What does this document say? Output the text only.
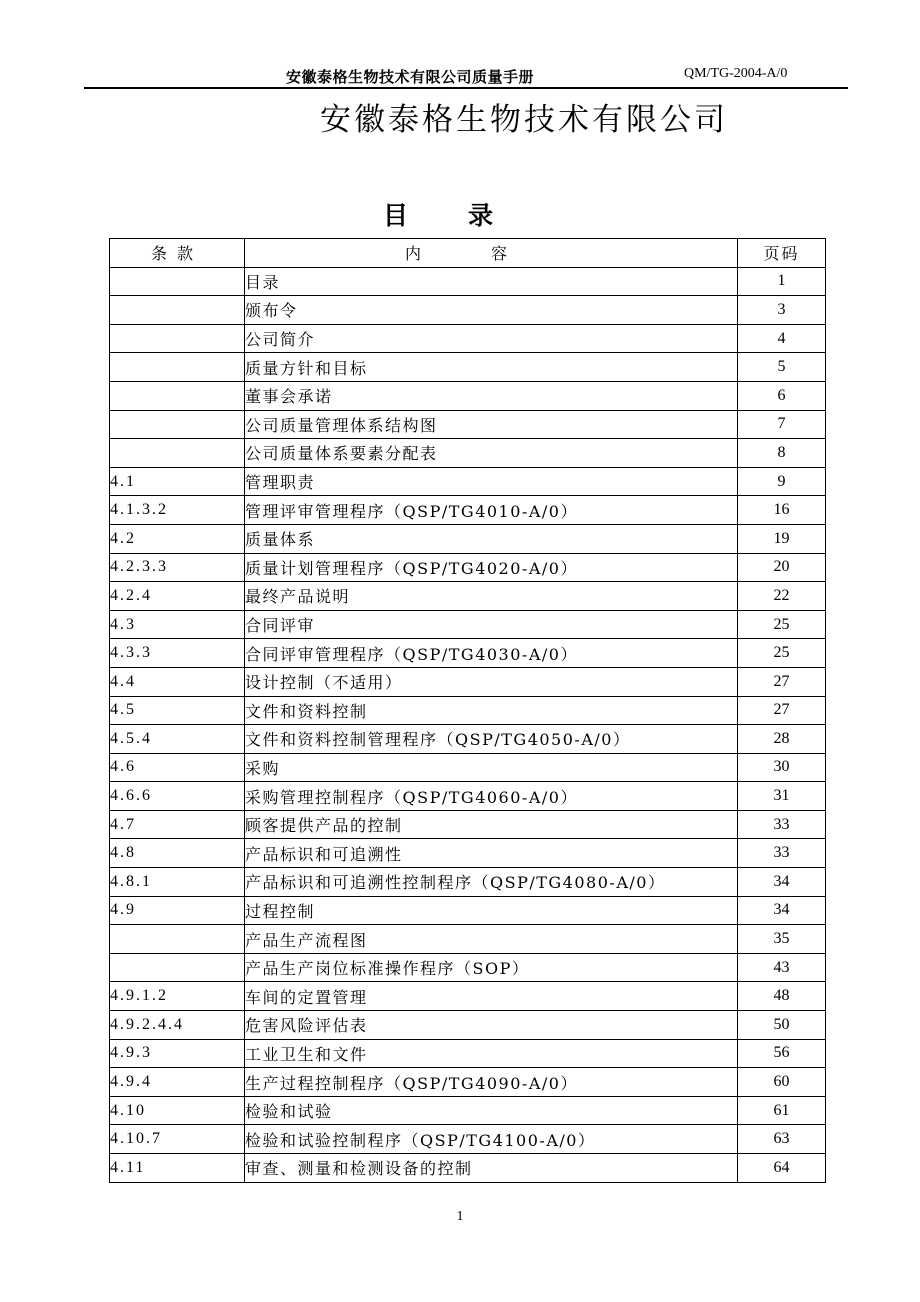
安徽泰格生物技术有限公司质量手册	QM/TG-2004-A/0
安徽泰格生物技术有限公司
目录
条款	内容	页码
	目录	1
	颁布令	3
	公司简介	4
	质量方针和目标	5
	董事会承诺	6
	公司质量管理体系结构图	7
	公司质量体系要素分配表	8
4.1	管理职责	9
4.1.3.2	管理评审管理程序（QSP/TG4010-A/0）	16
4.2	质量体系	19
4.2.3.3	质量计划管理程序（QSP/TG4020-A/0）	20
4.2.4	最终产品说明	22
4.3	合同评审	25
4.3.3	合同评审管理程序（QSP/TG4030-A/0）	25
4.4	设计控制（不适用）	27
4.5	文件和资料控制	27
4.5.4	文件和资料控制管理程序（QSP/TG4050-A/0）	28
4.6	采购	30
4.6.6	采购管理控制程序（QSP/TG4060-A/0）	31
4.7	顾客提供产品的控制	33
4.8	产品标识和可追溯性	33
4.8.1	产品标识和可追溯性控制程序（QSP/TG4080-A/0）	34
4.9	过程控制	34
	产品生产流程图	35
	产品生产岗位标准操作程序（SOP）	43
4.9.1.2	车间的定置管理	48
4.9.2.4.4	危害风险评估表	50
4.9.3	工业卫生和文件	56
4.9.4	生产过程控制程序（QSP/TG4090-A/0）	60
4.10	检验和试验	61
4.10.7	检验和试验控制程序（QSP/TG4100-A/0）	63
4.11	审查、测量和检测设备的控制	64
1
